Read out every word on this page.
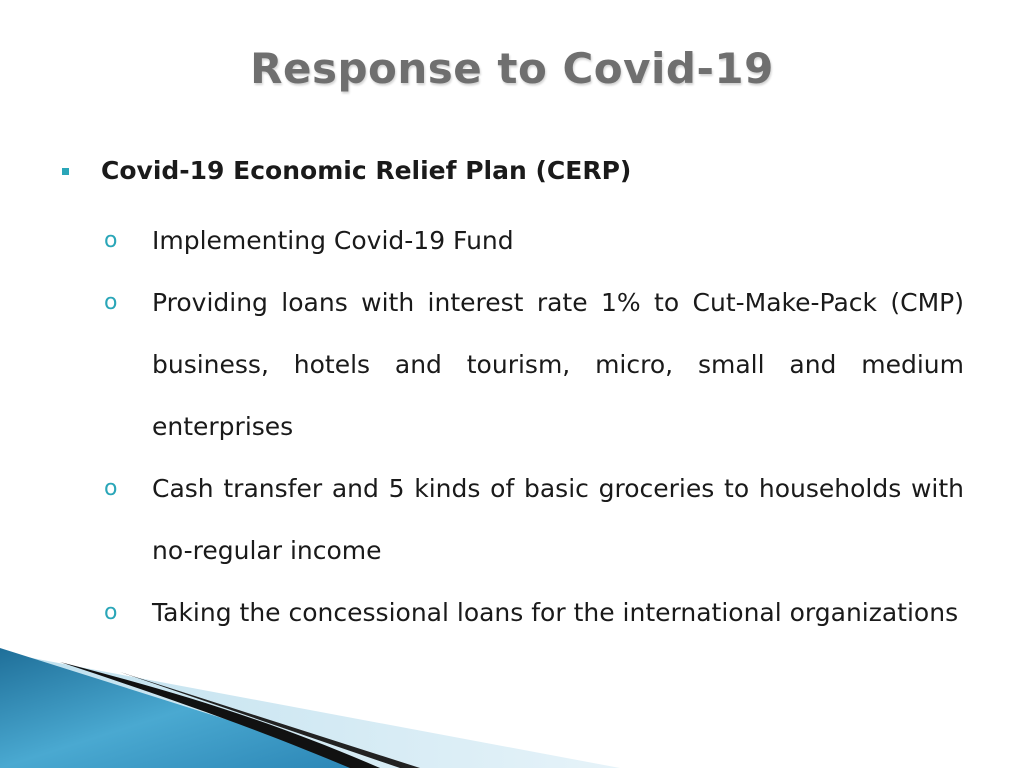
Response to Covid-19
Covid-19 Economic Relief Plan (CERP)
o Implementing Covid-19 Fund
o Providing loans with interest rate 1% to Cut-Make-Pack (CMP) business, hotels and tourism, micro, small and medium enterprises
o Cash transfer and 5 kinds of basic groceries to households with no-regular income
o Taking the concessional loans for the international organizations
